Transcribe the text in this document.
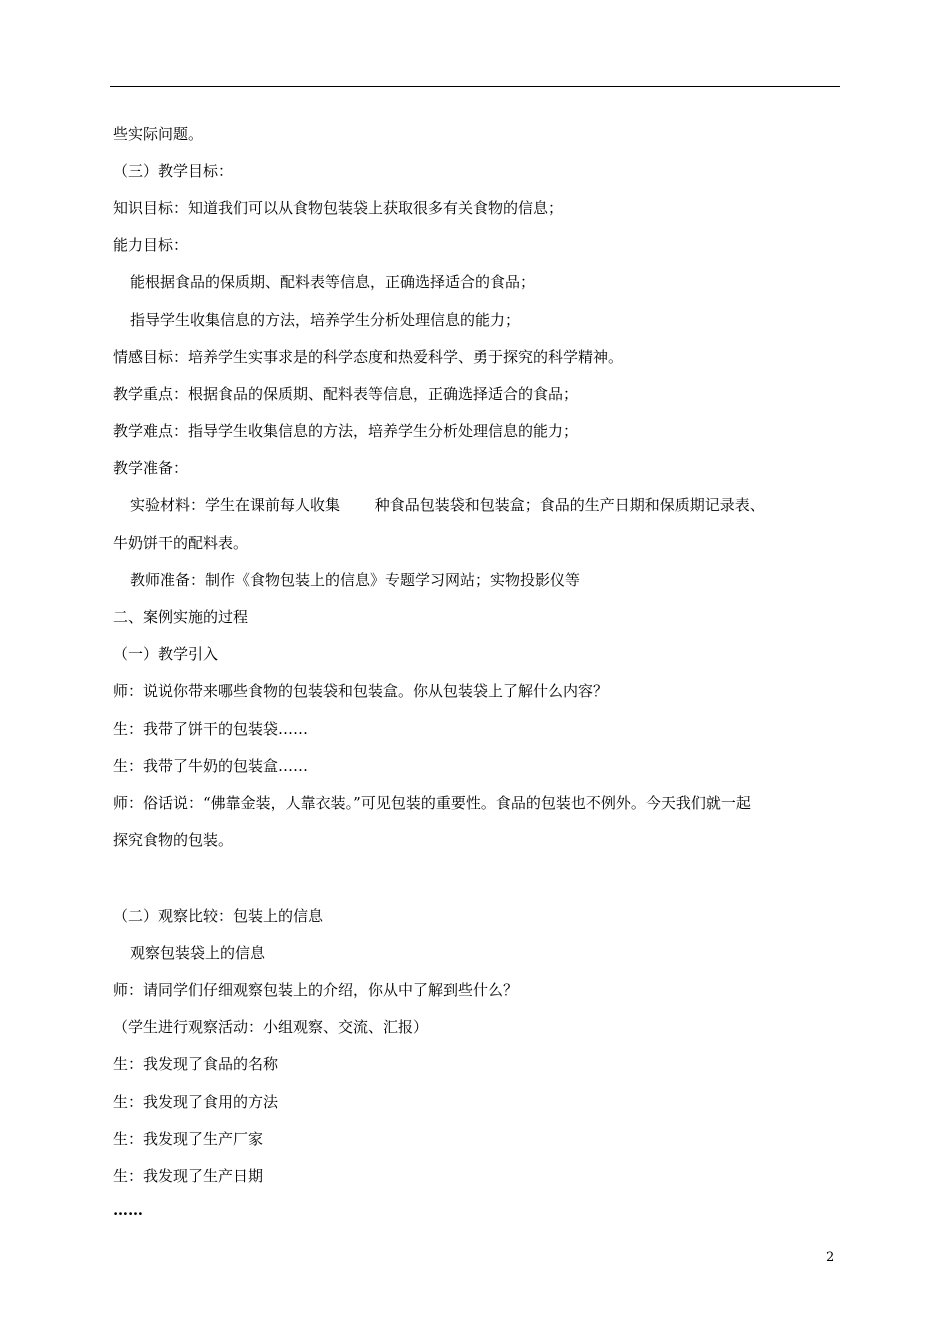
些实际问题。
（三）教学目标：
知识目标：知道我们可以从食物包装袋上获取很多有关食物的信息；
能力目标：
能根据食品的保质期、配料表等信息，正确选择适合的食品；
指导学生收集信息的方法，培养学生分析处理信息的能力；
情感目标：培养学生实事求是的科学态度和热爱科学、勇于探究的科学精神。
教学重点：根据食品的保质期、配料表等信息，正确选择适合的食品；
教学难点：指导学生收集信息的方法，培养学生分析处理信息的能力；
教学准备：
实验材料：学生在课前每人收集　　 种食品包装袋和包装盒；食品的生产日期和保质期记录表、
牛奶饼干的配料表。
教师准备：制作《食物包装上的信息》专题学习网站；实物投影仪等
二、案例实施的过程
（一）教学引入
师：说说你带来哪些食物的包装袋和包装盒。你从包装袋上了解什么内容？
生：我带了饼干的包装袋……
生：我带了牛奶的包装盒……
师：俗话说：“佛靠金装，人靠衣装。”可见包装的重要性。食品的包装也不例外。今天我们就一起
探究食物的包装。
（二）观察比较：包装上的信息
观察包装袋上的信息
师：请同学们仔细观察包装上的介绍，你从中了解到些什么？
（学生进行观察活动：小组观察、交流、汇报）
生：我发现了食品的名称
生：我发现了食用的方法
生：我发现了生产厂家
生：我发现了生产日期
……
2
